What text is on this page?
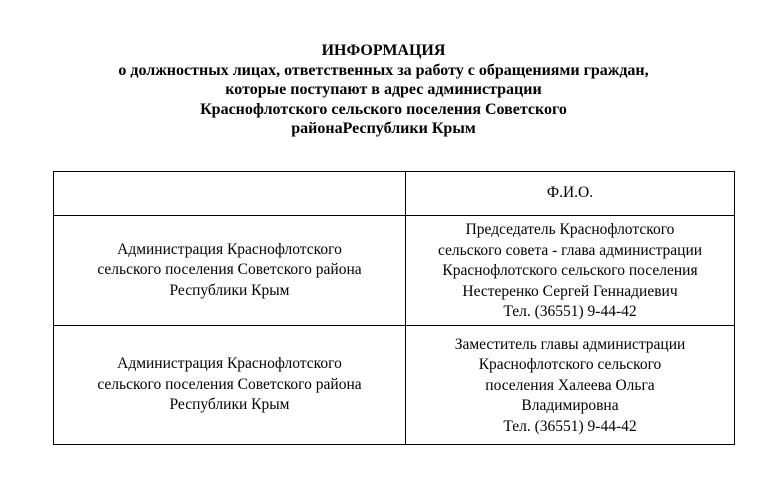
ИНФОРМАЦИЯ
о должностных лицах, ответственных за работу с обращениями граждан,
которые поступают в адрес администрации
Краснофлотского сельского поселения Советского
районаРеспублики Крым
	Ф.И.О.

Администрация Краснофлотского
сельского поселения Советского района
Республики Крым	Председатель Краснофлотского
сельского совета - глава администрации
Краснофлотского сельского поселения
Нестеренко Сергей Геннадиевич
Тел. (36551) 9-44-42

Администрация Краснофлотского
сельского поселения Советского района
Республики Крым	Заместитель главы администрации
Краснофлотского сельского
поселения Халеева Ольга
Владимировна
Тел. (36551) 9-44-42
